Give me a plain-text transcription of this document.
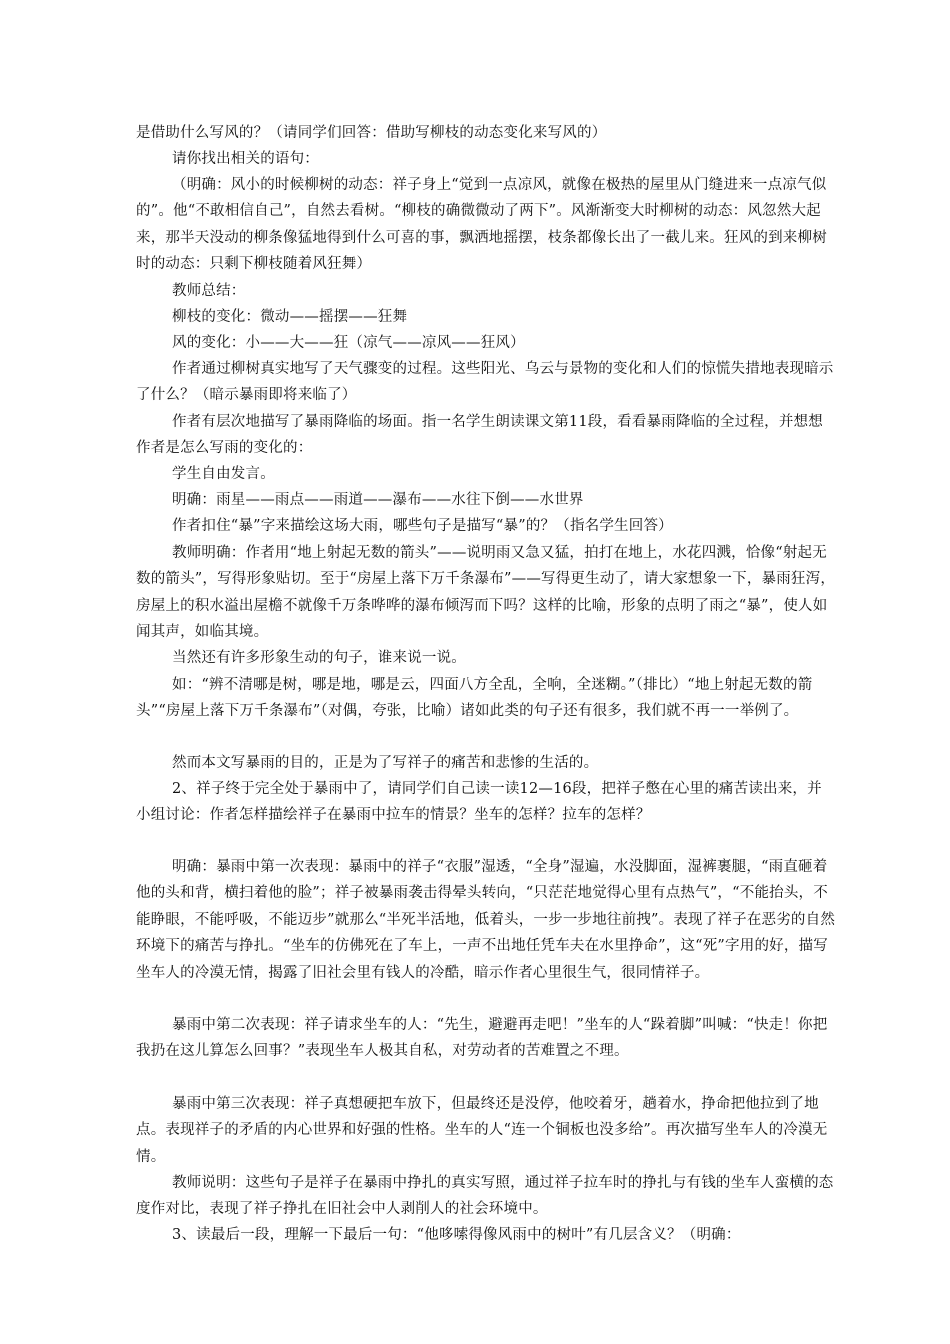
是借助什么写风的？（请同学们回答：借助写柳枝的动态变化来写风的）

请你找出相关的语句：

（明确：风小的时候柳树的动态：祥子身上“觉到一点凉风，就像在极热的屋里从门缝进来一点凉气似的”。他“不敢相信自己”，自然去看树。“柳枝的确微微动了两下”。风渐渐变大时柳树的动态：风忽然大起来，那半天没动的柳条像猛地得到什么可喜的事，飘洒地摇摆，枝条都像长出了一截儿来。狂风的到来柳树时的动态：只剩下柳枝随着风狂舞）

教师总结：

柳枝的变化：微动——摇摆——狂舞

风的变化：小——大——狂（凉气——凉风——狂风）

作者通过柳树真实地写了天气骤变的过程。这些阳光、乌云与景物的变化和人们的惊慌失措地表现暗示了什么？（暗示暴雨即将来临了）

作者有层次地描写了暴雨降临的场面。指一名学生朗读课文第11段，看看暴雨降临的全过程，并想想作者是怎么写雨的变化的：

学生自由发言。

明确：雨星——雨点——雨道——瀑布——水往下倒——水世界

作者扣住“暴”字来描绘这场大雨，哪些句子是描写“暴”的？（指名学生回答）

教师明确：作者用“地上射起无数的箭头”——说明雨又急又猛，拍打在地上，水花四溅，恰像“射起无数的箭头”，写得形象贴切。至于“房屋上落下万千条瀑布”——写得更生动了，请大家想象一下，暴雨狂泻，房屋上的积水溢出屋檐不就像千万条哗哗的瀑布倾泻而下吗？这样的比喻，形象的点明了雨之“暴”，使人如闻其声，如临其境。

当然还有许多形象生动的句子，谁来说一说。

如：“辨不清哪是树，哪是地，哪是云，四面八方全乱，全响，全迷糊。”（排比）“地上射起无数的箭头”“房屋上落下万千条瀑布”（对偶，夸张，比喻）诸如此类的句子还有很多，我们就不再一一举例了。

然而本文写暴雨的目的，正是为了写祥子的痛苦和悲惨的生活的。

2、祥子终于完全处于暴雨中了，请同学们自己读一读12—16段，把祥子憋在心里的痛苦读出来，并小组讨论：作者怎样描绘祥子在暴雨中拉车的情景？坐车的怎样？拉车的怎样？

明确：暴雨中第一次表现：暴雨中的祥子“衣服”湿透，“全身”湿遍，水没脚面，湿裤裹腿，“雨直砸着他的头和背，横扫着他的脸”；祥子被暴雨袭击得晕头转向，“只茫茫地觉得心里有点热气”，“不能抬头，不能睁眼，不能呼吸，不能迈步”就那么“半死半活地，低着头，一步一步地往前拽”。表现了祥子在恶劣的自然环境下的痛苦与挣扎。“坐车的仿佛死在了车上，一声不出地任凭车夫在水里挣命”，这“死”字用的好，描写坐车人的冷漠无情，揭露了旧社会里有钱人的冷酷，暗示作者心里很生气，很同情祥子。

暴雨中第二次表现：祥子请求坐车的人：“先生，避避再走吧！”坐车的人“跺着脚”叫喊：“快走！你把我扔在这儿算怎么回事？”表现坐车人极其自私，对劳动者的苦难置之不理。

暴雨中第三次表现：祥子真想硬把车放下，但最终还是没停，他咬着牙，趟着水，挣命把他拉到了地点。表现祥子的矛盾的内心世界和好强的性格。坐车的人“连一个铜板也没多给”。再次描写坐车人的冷漠无情。

教师说明：这些句子是祥子在暴雨中挣扎的真实写照，通过祥子拉车时的挣扎与有钱的坐车人蛮横的态度作对比，表现了祥子挣扎在旧社会中人剥削人的社会环境中。

3、读最后一段，理解一下最后一句：“他哆嗦得像风雨中的树叶”有几层含义？（明确：
